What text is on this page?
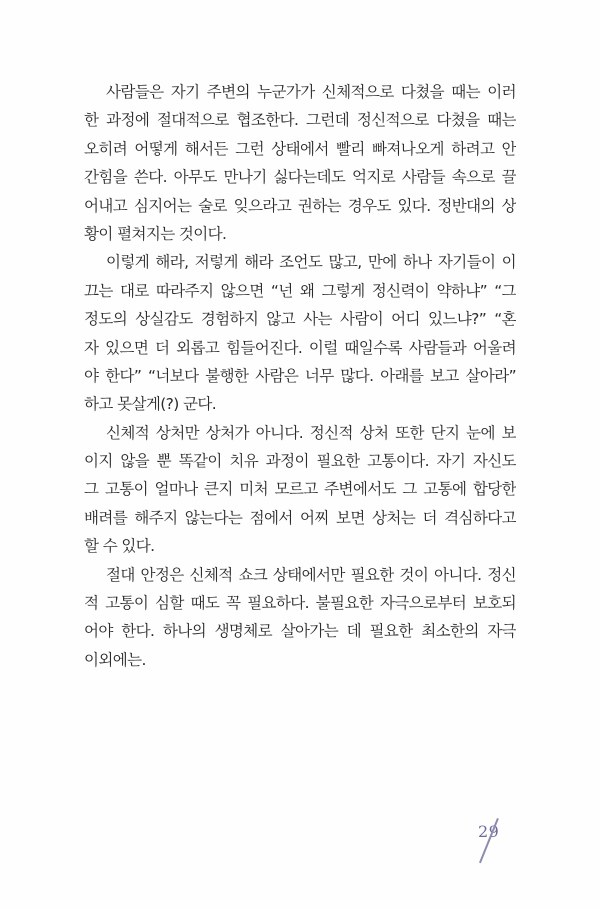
사람들은 자기 주변의 누군가가 신체적으로 다쳤을 때는 이러
한 과정에 절대적으로 협조한다. 그런데 정신적으로 다쳤을 때는
오히려 어떻게 해서든 그런 상태에서 빨리 빠져나오게 하려고 안
간힘을 쓴다. 아무도 만나기 싫다는데도 억지로 사람들 속으로 끌
어내고 심지어는 술로 잊으라고 권하는 경우도 있다. 정반대의 상
황이 펼쳐지는 것이다.
이렇게 해라, 저렇게 해라 조언도 많고, 만에 하나 자기들이 이
끄는 대로 따라주지 않으면 “넌 왜 그렇게 정신력이 약하냐” “그
정도의 상실감도 경험하지 않고 사는 사람이 어디 있느냐?” “혼
자 있으면 더 외롭고 힘들어진다. 이럴 때일수록 사람들과 어울려
야 한다” “너보다 불행한 사람은 너무 많다. 아래를 보고 살아라”
하고 못살게(?) 군다.
신체적 상처만 상처가 아니다. 정신적 상처 또한 단지 눈에 보
이지 않을 뿐 똑같이 치유 과정이 필요한 고통이다. 자기 자신도
그 고통이 얼마나 큰지 미처 모르고 주변에서도 그 고통에 합당한
배려를 해주지 않는다는 점에서 어찌 보면 상처는 더 격심하다고
할 수 있다.
절대 안정은 신체적 쇼크 상태에서만 필요한 것이 아니다. 정신
적 고통이 심할 때도 꼭 필요하다. 불필요한 자극으로부터 보호되
어야 한다. 하나의 생명체로 살아가는 데 필요한 최소한의 자극
이외에는.
29
